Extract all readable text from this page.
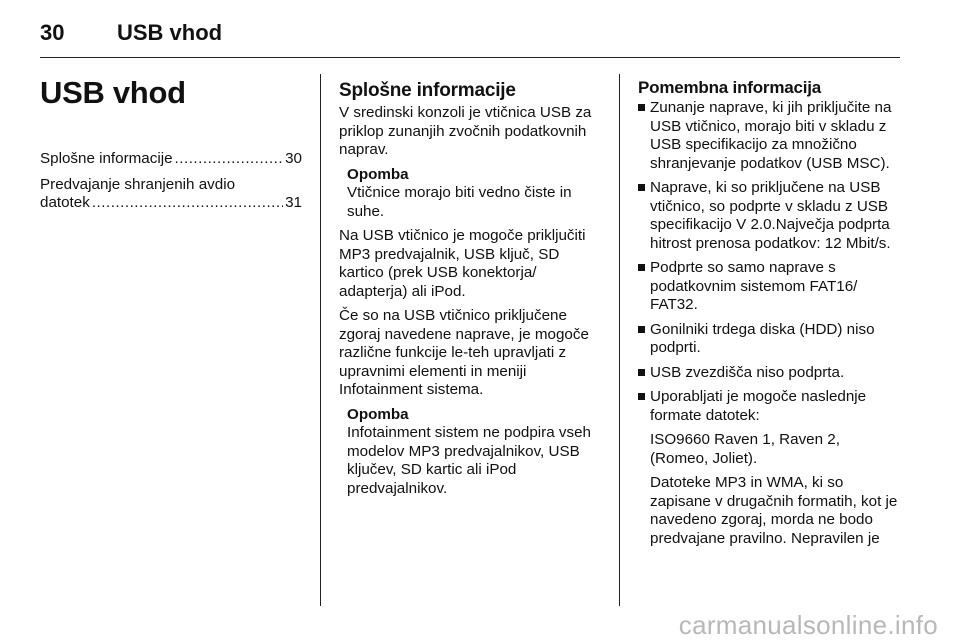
30 USB vhod
USB vhod
Splošne informacije .....	30
Predvajanje shranjenih avdio
datotek .....	31
Splošne informacije
V sredinski konzoli je vtičnica USB za priklop zunanjih zvočnih podatkovnih naprav.
Opomba
Vtičnice morajo biti vedno čiste in suhe.
Na USB vtičnico je mogoče priključiti MP3 predvajalnik, USB ključ, SD kartico (prek USB konektorja/ adapterja) ali iPod.
Če so na USB vtičnico priključene zgoraj navedene naprave, je mogoče različne funkcije le-teh upravljati z upravnimi elementi in meniji Infotainment sistema.
Opomba
Infotainment sistem ne podpira vseh modelov MP3 predvajalnikov, USB ključev, SD kartic ali iPod predvajalnikov.
Pomembna informacija
Zunanje naprave, ki jih priključite na USB vtičnico, morajo biti v skladu z USB specifikacijo za množično shranjevanje podatkov (USB MSC).
Naprave, ki so priključene na USB vtičnico, so podprte v skladu z USB specifikacijo V 2.0.Največja podprta hitrost prenosa podatkov: 12 Mbit/s.
Podprte so samo naprave s podatkovnim sistemom FAT16/ FAT32.
Gonilniki trdega diska (HDD) niso podprti.
USB zvezdišča niso podprta.
Uporabljati je mogoče naslednje formate datotek:
ISO9660 Raven 1, Raven 2, (Romeo, Joliet).
Datoteke MP3 in WMA, ki so zapisane v drugačnih formatih, kot je navedeno zgoraj, morda ne bodo predvajane pravilno. Nepravilen je
carmanualsonline.info
